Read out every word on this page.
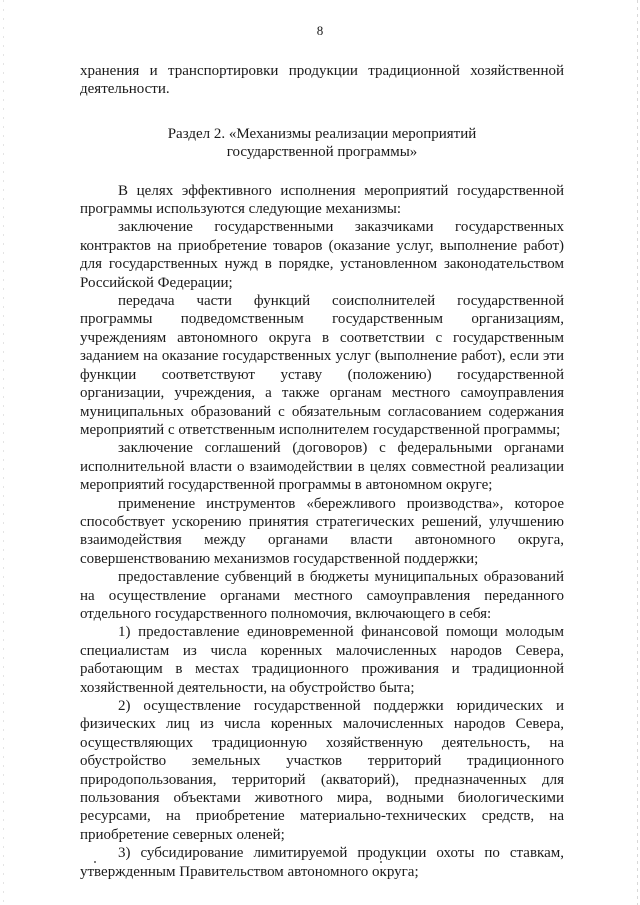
8

хранения и транспортировки продукции традиционной хозяйственной деятельности.

Раздел 2. «Механизмы реализации мероприятий государственной программы»

В целях эффективного исполнения мероприятий государственной программы используются следующие механизмы:

заключение государственными заказчиками государственных контрактов на приобретение товаров (оказание услуг, выполнение работ) для государственных нужд в порядке, установленном законодательством Российской Федерации;

передача части функций соисполнителей государственной программы подведомственным государственным организациям, учреждениям автономного округа в соответствии с государственным заданием на оказание государственных услуг (выполнение работ), если эти функции соответствуют уставу (положению) государственной организации, учреждения, а также органам местного самоуправления муниципальных образований с обязательным согласованием содержания мероприятий с ответственным исполнителем государственной программы;

заключение соглашений (договоров) с федеральными органами исполнительной власти о взаимодействии в целях совместной реализации мероприятий государственной программы в автономном округе;

применение инструментов «бережливого производства», которое способствует ускорению принятия стратегических решений, улучшению взаимодействия между органами власти автономного округа, совершенствованию механизмов государственной поддержки;

предоставление субвенций в бюджеты муниципальных образований на осуществление органами местного самоуправления переданного отдельного государственного полномочия, включающего в себя:

1) предоставление единовременной финансовой помощи молодым специалистам из числа коренных малочисленных народов Севера, работающим в местах традиционного проживания и традиционной хозяйственной деятельности, на обустройство быта;

2) осуществление государственной поддержки юридических и физических лиц из числа коренных малочисленных народов Севера, осуществляющих традиционную хозяйственную деятельность, на обустройство земельных участков территорий традиционного природопользования, территорий (акваторий), предназначенных для пользования объектами животного мира, водными биологическими ресурсами, на приобретение материально-технических средств, на приобретение северных оленей;

3) субсидирование лимитируемой продукции охоты по ставкам, утвержденным Правительством автономного округа;
